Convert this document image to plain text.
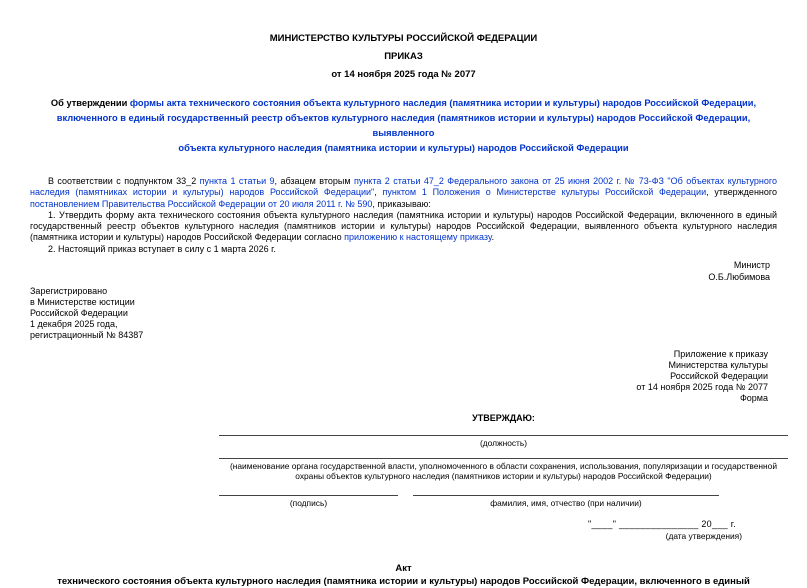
МИНИСТЕРСТВО КУЛЬТУРЫ РОССИЙСКОЙ ФЕДЕРАЦИИ
ПРИКАЗ
от 14 ноября 2025 года № 2077
Об утверждении формы акта технического состояния объекта культурного наследия (памятника истории и культуры) народов Российской Федерации,
включенного в единый государственный реестр объектов культурного наследия (памятников истории и культуры) народов Российской Федерации, выявленного
объекта культурного наследия (памятника истории и культуры) народов Российской Федерации

В соответствии с подпунктом 33_2 пункта 1 статьи 9, абзацем вторым пункта 2 статьи 47_2 Федерального закона от 25 июня 2002 г. № 73-ФЗ "Об объектах культурного наследия (памятниках истории и культуры) народов Российской Федерации", пунктом 1 Положения о Министерстве культуры Российской Федерации, утвержденного постановлением Правительства Российской Федерации от 20 июля 2011 г. № 590, приказываю:

1. Утвердить форму акта технического состояния объекта культурного наследия (памятника истории и культуры) народов Российской Федерации, включенного в единый государственный реестр объектов культурного наследия (памятников истории и культуры) народов Российской Федерации, выявленного объекта культурного наследия (памятника истории и культуры) народов Российской Федерации согласно приложению к настоящему приказу.

2. Настоящий приказ вступает в силу с 1 марта 2026 г.

Министр
О.Б.Любимова
Зарегистрировано
в Министерстве юстиции
Российской Федерации
1 декабря 2025 года,
регистрационный № 84387
Приложение к приказу
Министерства культуры
Российской Федерации
от 14 ноября 2025 года № 2077
Форма
УТВЕРЖДАЮ:
(должность)
(наименование органа государственной власти, уполномоченного в области сохранения, использования, популяризации и государственной охраны объектов культурного наследия (памятников истории и культуры) народов Российской Федерации)
(подпись)	фамилия, имя, отчество (при наличии)
"____" _______________ 20___ г.
(дата утверждения)
Акт
технического состояния объекта культурного наследия (памятника истории и культуры) народов Российской Федерации, включенного в единый
